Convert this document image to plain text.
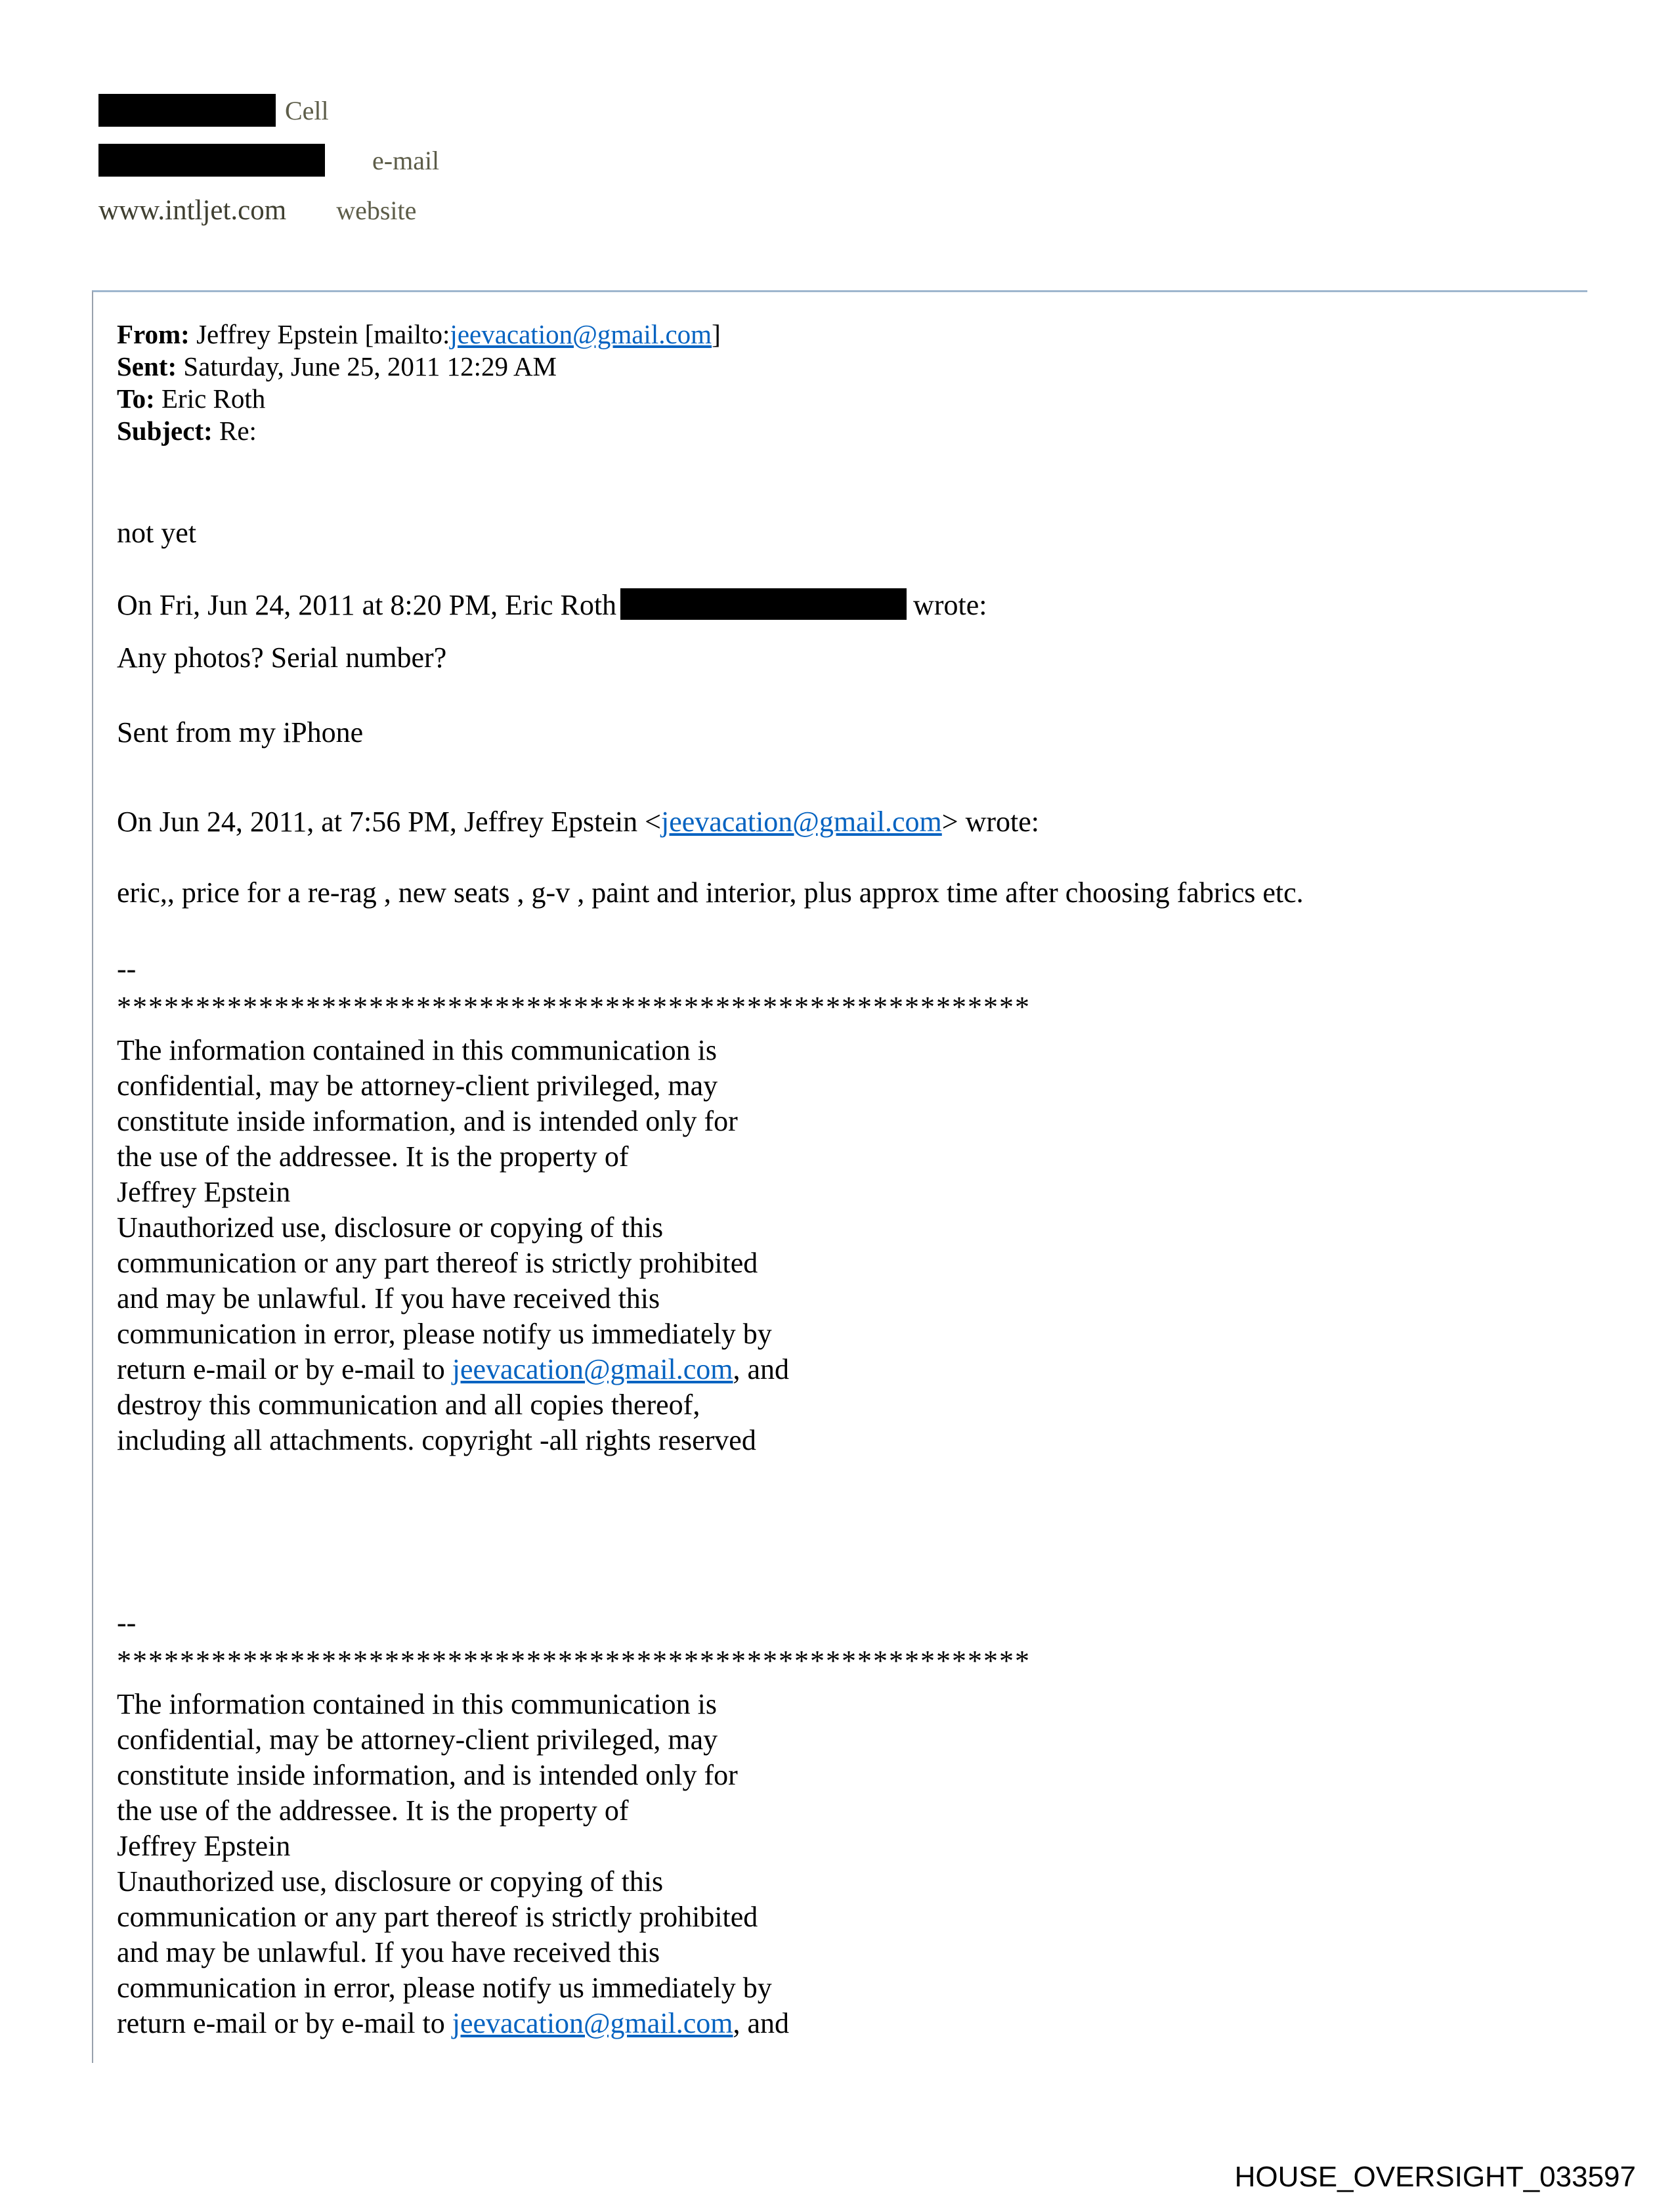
Cell
e-mail
www.intljet.com website
From: Jeffrey Epstein [mailto:jeevacation@gmail.com]
Sent: Saturday, June 25, 2011 12:29 AM
To: Eric Roth
Subject: Re:
not yet
On Fri, Jun 24, 2011 at 8:20 PM, Eric Roth	wrote:
Any photos? Serial number?
Sent from my iPhone
On Jun 24, 2011, at 7:56 PM, Jeffrey Epstein <jeevacation@gmail.com> wrote:
eric,, price for a re-rag , new seats , g-v , paint and interior, plus approx time after choosing fabrics etc.
--
**********************************************************
The information contained in this communication is
confidential, may be attorney-client privileged, may
constitute inside information, and is intended only for
the use of the addressee. It is the property of
Jeffrey Epstein
Unauthorized use, disclosure or copying of this
communication or any part thereof is strictly prohibited
and may be unlawful. If you have received this
communication in error, please notify us immediately by
return e-mail or by e-mail to jeevacation@gmail.com, and
destroy this communication and all copies thereof,
including all attachments. copyright -all rights reserved
--
**********************************************************
The information contained in this communication is
confidential, may be attorney-client privileged, may
constitute inside information, and is intended only for
the use of the addressee. It is the property of
Jeffrey Epstein
Unauthorized use, disclosure or copying of this
communication or any part thereof is strictly prohibited
and may be unlawful. If you have received this
communication in error, please notify us immediately by
return e-mail or by e-mail to jeevacation@gmail.com, and
HOUSE_OVERSIGHT_033597
